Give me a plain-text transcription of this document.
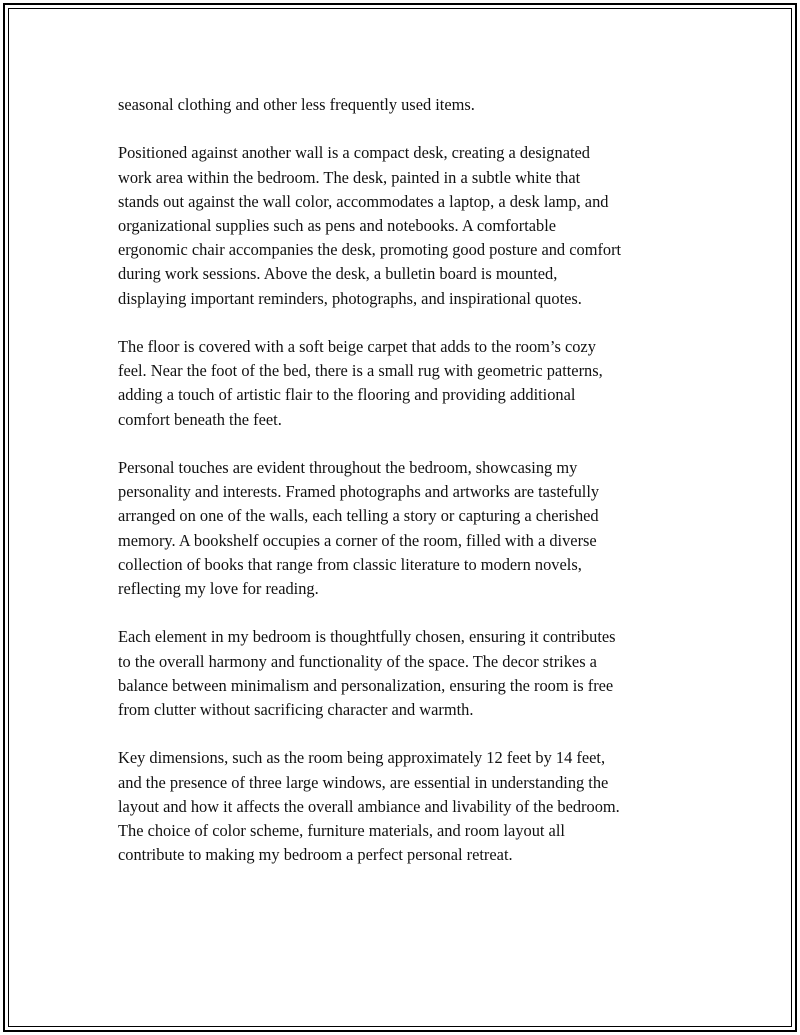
seasonal clothing and other less frequently used items.

Positioned against another wall is a compact desk, creating a designated
work area within the bedroom. The desk, painted in a subtle white that
stands out against the wall color, accommodates a laptop, a desk lamp, and
organizational supplies such as pens and notebooks. A comfortable
ergonomic chair accompanies the desk, promoting good posture and comfort
during work sessions. Above the desk, a bulletin board is mounted,
displaying important reminders, photographs, and inspirational quotes.

The floor is covered with a soft beige carpet that adds to the room’s cozy
feel. Near the foot of the bed, there is a small rug with geometric patterns,
adding a touch of artistic flair to the flooring and providing additional
comfort beneath the feet.

Personal touches are evident throughout the bedroom, showcasing my
personality and interests. Framed photographs and artworks are tastefully
arranged on one of the walls, each telling a story or capturing a cherished
memory. A bookshelf occupies a corner of the room, filled with a diverse
collection of books that range from classic literature to modern novels,
reflecting my love for reading.

Each element in my bedroom is thoughtfully chosen, ensuring it contributes
to the overall harmony and functionality of the space. The decor strikes a
balance between minimalism and personalization, ensuring the room is free
from clutter without sacrificing character and warmth.

Key dimensions, such as the room being approximately 12 feet by 14 feet,
and the presence of three large windows, are essential in understanding the
layout and how it affects the overall ambiance and livability of the bedroom.
The choice of color scheme, furniture materials, and room layout all
contribute to making my bedroom a perfect personal retreat.
